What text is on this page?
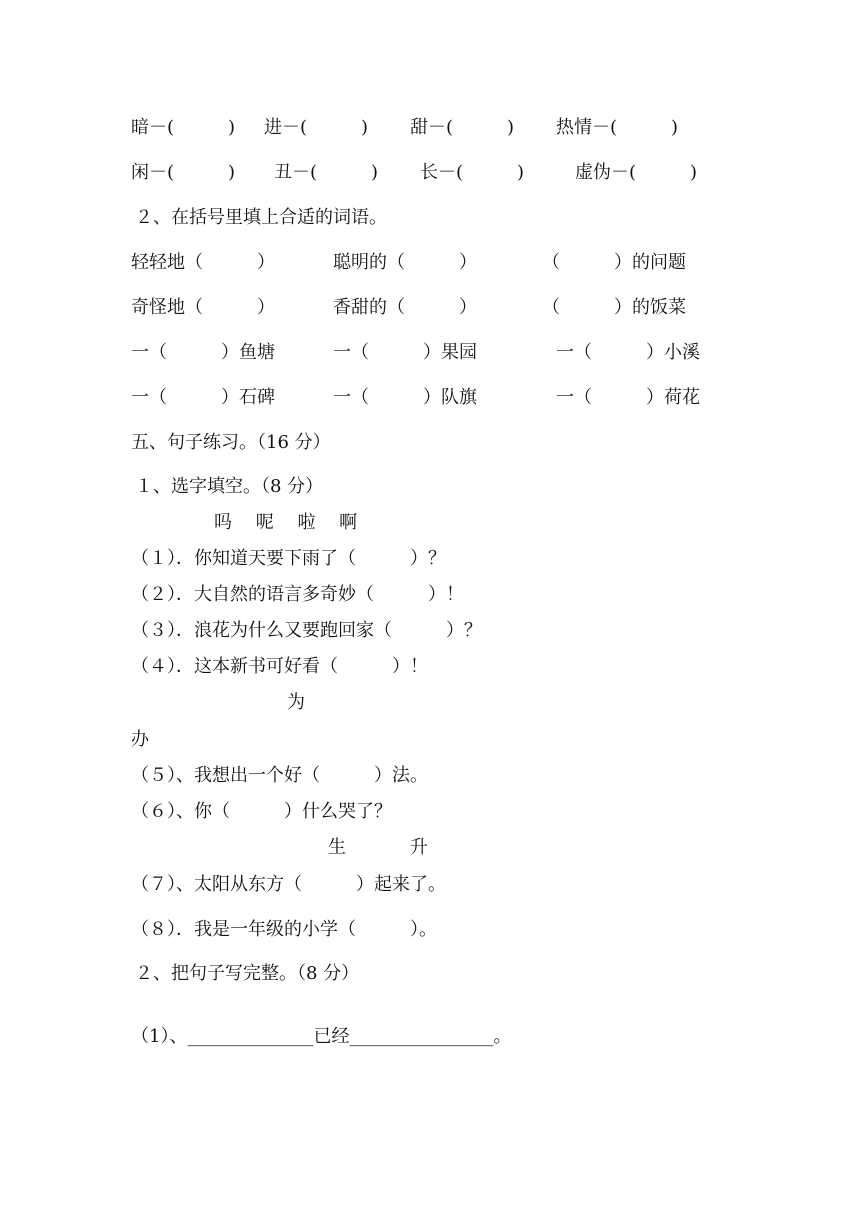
暗－(　　　) 进－(　　　) 甜－(　　　) 热情－(　　　)
闲－(　　　) 丑－(　　　) 长－(　　　)	虚伪－(　　　)
２、在括号里填上合适的词语。
轻轻地（　　　）	聪明的（　　　）	（　　　）的问题
奇怪地（　　　）	香甜的（　　　）	（　　　）的饭菜
一（　　　）鱼塘	一（　　　）果园	一（　　　）小溪
一（　　　）石碑	一（　　　）队旗	一（　　　）荷花
五、句子练习。（16 分）
１、选字填空。（8 分）
吗　 呢　 啦　 啊
（１）．你知道天要下雨了（　　　）？
（２）．大自然的语言多奇妙（　　　）！
（３）．浪花为什么又要跑回家（　　　）？
（４）．这本新书可好看（　　　）！
为
办
（５）、我想出一个好（　　　）法。
（６）、你（　　　）什么哭了？
生	升
（７）、太阳从东方（　　　）起来了。
（８）．我是一年级的小学（　　　）。
２、把句子写完整。（8 分）
（1）、______________已经________________。
